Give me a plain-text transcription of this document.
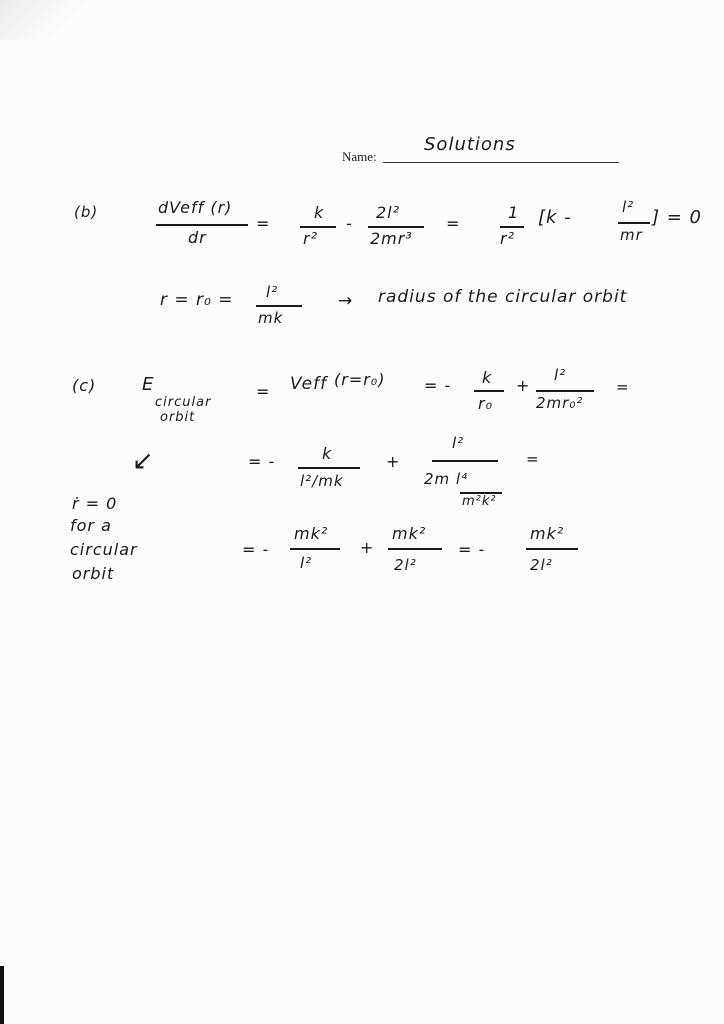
Name:
Solutions
(b)	dVeff (r)
dr
=
k
r²
-
2l²
2mr³
=
1
r²
[k -	l²
mr
] = 0
r = r₀ = l²
mk
→ radius of the circular orbit
(c)	E
circular
orbit
= Veff (r=r₀) = - k
r₀
+
l²
2mr₀²
=
= -	k
l²/mk
+
l²
2m l⁴
m²k²
=
= -
mk²
l²
+
mk²
2l²
= -
mk²
2l²
↙
ṙ = 0
for a
circular
orbit
